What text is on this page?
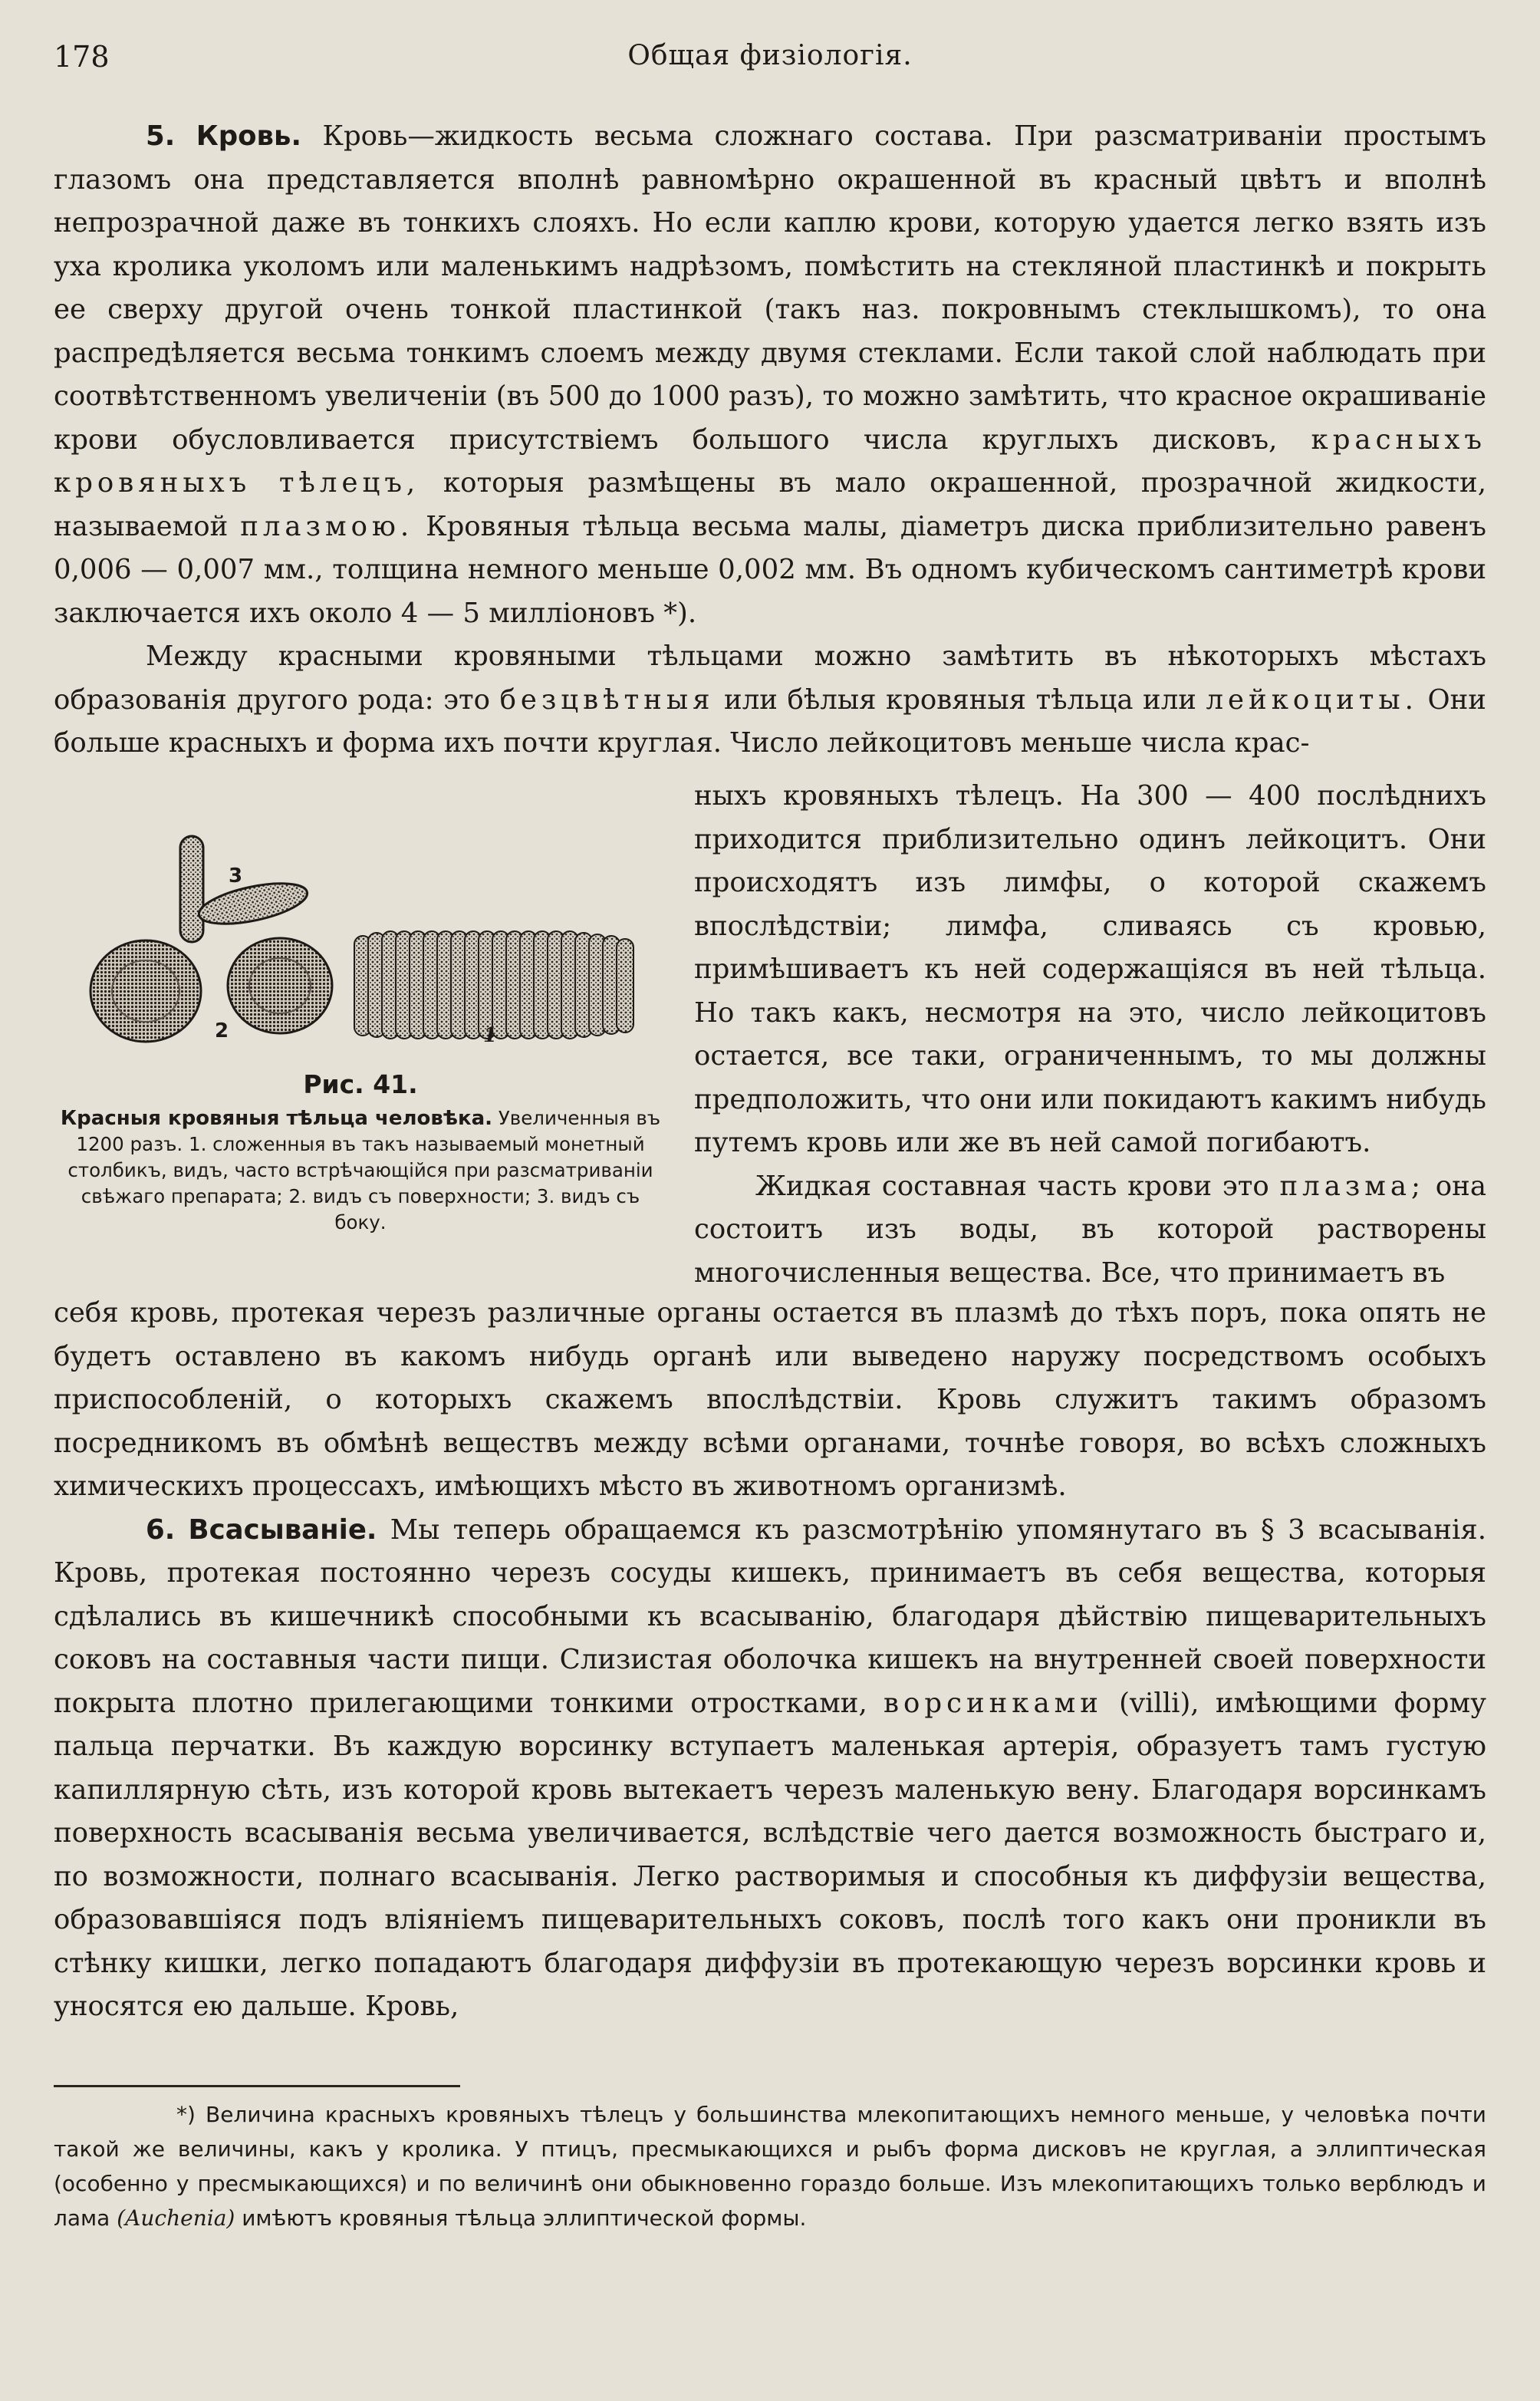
178	Общая физіологія.

5. Кровь. Кровь—жидкость весьма сложнаго состава. При разсматриваніи простымъ глазомъ она представляется вполнѣ равномѣрно окрашенной въ красный цвѣтъ и вполнѣ непрозрачной даже въ тонкихъ слояхъ. Но если каплю крови, которую удается легко взять изъ уха кролика уколомъ или маленькимъ надрѣзомъ, помѣстить на стекляной пластинкѣ и покрыть ее сверху другой очень тонкой пластинкой (такъ наз. покровнымъ стеклышкомъ), то она распредѣляется весьма тонкимъ слоемъ между двумя стеклами. Если такой слой наблюдать при соотвѣтственномъ увеличеніи (въ 500 до 1000 разъ), то можно замѣтить, что красное окрашиваніе крови обусловливается присутствіемъ большого числа круглыхъ дисковъ, красныхъ кровяныхъ тѣлецъ, которыя размѣщены въ мало окрашенной, прозрачной жидкости, называемой плазмою. Кровяныя тѣльца весьма малы, діаметръ диска приблизительно равенъ 0,006 — 0,007 мм., толщина немного меньше 0,002 мм. Въ одномъ кубическомъ сантиметрѣ крови заключается ихъ около 4 — 5 милліоновъ *).

Между красными кровяными тѣльцами можно замѣтить въ нѣкоторыхъ мѣстахъ образованія другого рода: это безцвѣтныя или бѣлыя кровяныя тѣльца или лейкоциты. Они больше красныхъ и форма ихъ почти круглая. Число лейкоцитовъ меньше числа крас-

3
2	1
Рис. 41.
Красныя кровяныя тѣльца человѣка. Увеличенныя въ 1200 разъ. 1. сложенныя въ такъ называемый монетный столбикъ, видъ, часто встрѣчающійся при разсматриваніи свѣжаго препарата; 2. видъ съ поверхности; 3. видъ съ боку.

ныхъ кровяныхъ тѣлецъ. На 300 — 400 послѣднихъ приходится приблизительно одинъ лейкоцитъ. Они происходятъ изъ лимфы, о которой скажемъ впослѣдствіи; лимфа, сливаясь съ кровью, примѣшиваетъ къ ней содержащіяся въ ней тѣльца. Но такъ какъ, несмотря на это, число лейкоцитовъ остается, все таки, ограниченнымъ, то мы должны предположить, что они или покидаютъ какимъ нибудь путемъ кровь или же въ ней самой погибаютъ.

Жидкая составная часть крови это плазма; она состоитъ изъ воды, въ которой растворены многочисленныя вещества. Все, что принимаетъ въ

себя кровь, протекая черезъ различные органы остается въ плазмѣ до тѣхъ поръ, пока опять не будетъ оставлено въ какомъ нибудь органѣ или выведено наружу посредствомъ особыхъ приспособленій, о которыхъ скажемъ впослѣдствіи. Кровь служитъ такимъ образомъ посредникомъ въ обмѣнѣ веществъ между всѣми органами, точнѣе говоря, во всѣхъ сложныхъ химическихъ процессахъ, имѣющихъ мѣсто въ животномъ организмѣ.

6. Всасываніе. Мы теперь обращаемся къ разсмотрѣнію упомянутаго въ § 3 всасыванія. Кровь, протекая постоянно черезъ сосуды кишекъ, принимаетъ въ себя вещества, которыя сдѣлались въ кишечникѣ способными къ всасыванію, благодаря дѣйствію пищеварительныхъ соковъ на составныя части пищи. Слизистая оболочка кишекъ на внутренней своей поверхности покрыта плотно прилегающими тонкими отростками, ворсинками (villi), имѣющими форму пальца перчатки. Въ каждую ворсинку вступаетъ маленькая артерія, образуетъ тамъ густую капиллярную сѣть, изъ которой кровь вытекаетъ черезъ маленькую вену. Благодаря ворсинкамъ поверхность всасыванія весьма увеличивается, вслѣдствіе чего дается возможность быстраго и, по возможности, полнаго всасыванія. Легко растворимыя и способныя къ диффузіи вещества, образовавшіяся подъ вліяніемъ пищеварительныхъ соковъ, послѣ того какъ они проникли въ стѣнку кишки, легко попадаютъ благодаря диффузіи въ протекающую черезъ ворсинки кровь и уносятся ею дальше. Кровь,

*) Величина красныхъ кровяныхъ тѣлецъ у большинства млекопитающихъ немного меньше, у человѣка почти такой же величины, какъ у кролика. У птицъ, пресмыкающихся и рыбъ форма дисковъ не круглая, а эллиптическая (особенно у пресмыкающихся) и по величинѣ они обыкновенно гораздо больше. Изъ млекопитающихъ только верблюдъ и лама (Auchenia) имѣютъ кровяныя тѣльца эллиптической формы.
